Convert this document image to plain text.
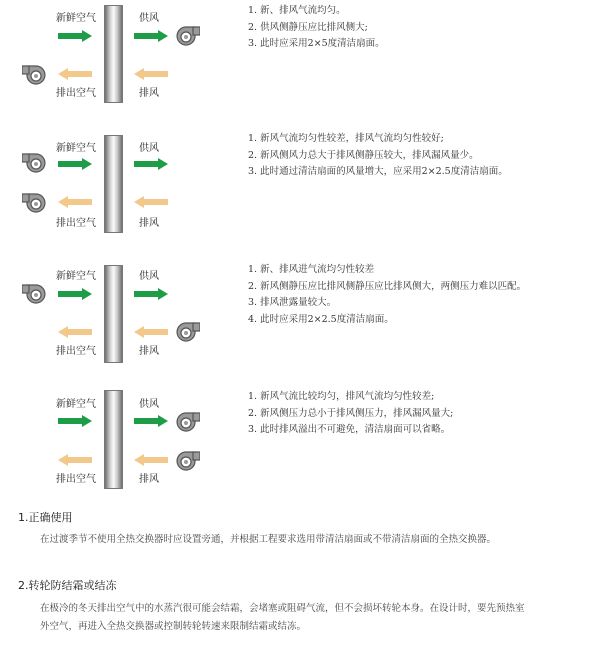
新鲜空气	供风
排出空气	排风
1. 新、排风气流均匀。
2. 供风侧静压应比排风侧大;
3. 此时应采用2×5度清洁扇面。
新鲜空气	供风
排出空气	排风
1. 新风气流均匀性较差，排风气流均匀性较好;
2. 新风侧风力总大于排风侧静压较大，排风漏风量少。
3. 此时通过清洁扇面的风量增大，应采用2×2.5度清洁扇面。
新鲜空气	供风
排出空气	排风
1. 新、排风进气流均匀性较差
2. 新风侧静压应比排风侧静压应比排风侧大，两侧压力难以匹配。
3. 排风泄露量较大。
4. 此时应采用2×2.5度清洁扇面。
新鲜空气	供风
排出空气	排风
1. 新风气流比较均匀，排风气流均匀性较差;
2. 新风侧压力总小于排风侧压力，排风漏风量大;
3. 此时排风溢出不可避免，清洁扇面可以省略。
1.正确使用
在过渡季节不使用全热交换器时应设置旁通，并根据工程要求选用带清洁扇面或不带清洁扇面的全热交换器。
2.转轮防结霜或结冻
在极冷的冬天排出空气中的水蒸汽很可能会结霜，会堵塞或阻碍气流，但不会损坏转轮本身。在设计时，要先预热室
外空气，再进入全热交换器或控制转轮转速来限制结霜或结冻。
